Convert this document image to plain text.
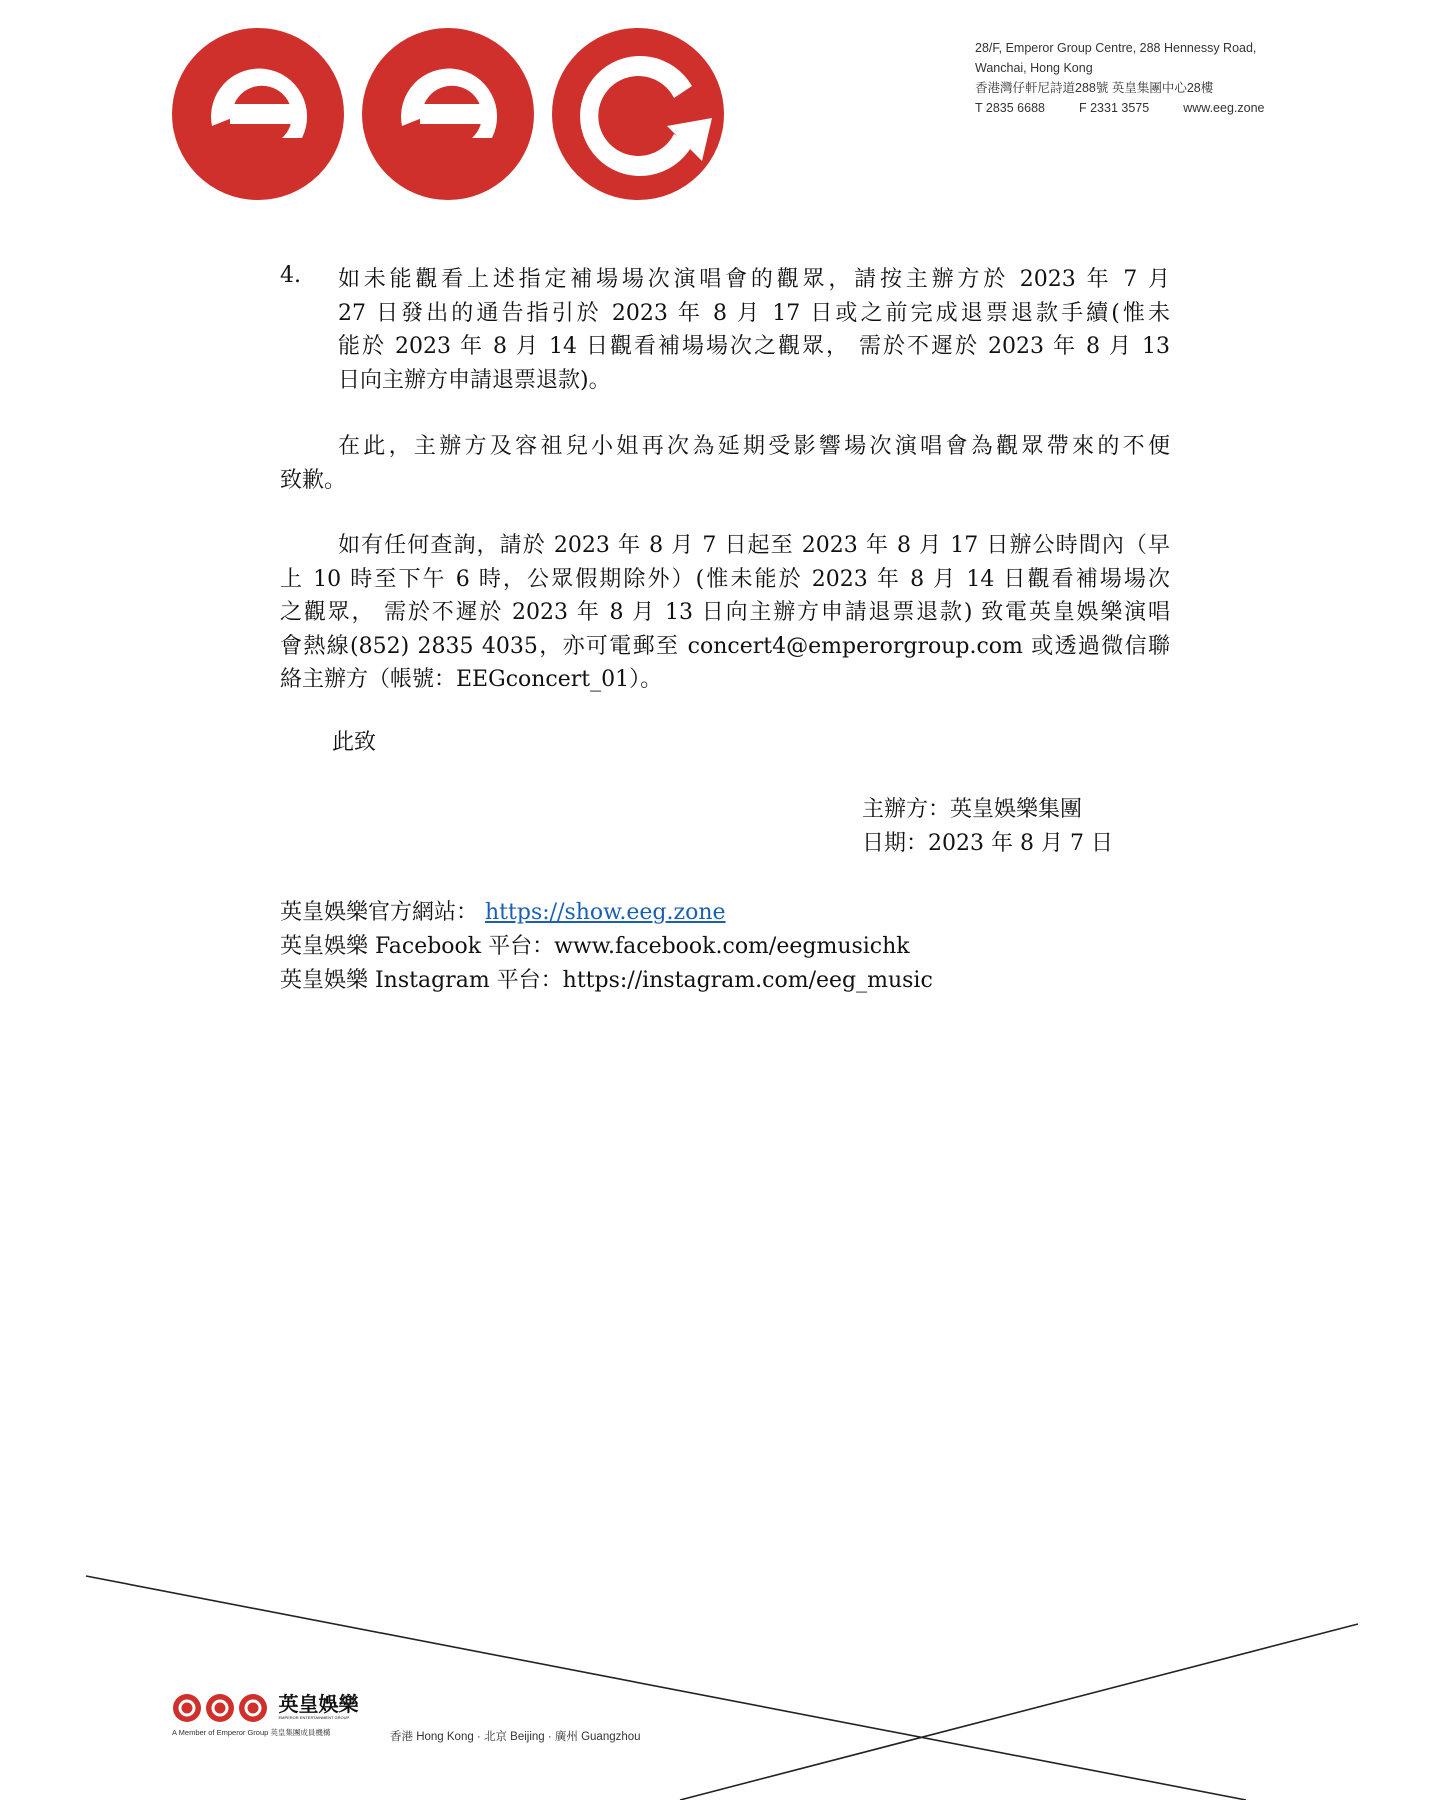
28/F, Emperor Group Centre, 288 Hennessy Road,
Wanchai, Hong Kong
香港灣仔軒尼詩道288號 英皇集團中心28樓
T 2835 6688	F 2331 3575	www.eeg.zone
4. 如未能觀看上述指定補場場次演唱會的觀眾，請按主辦方於 2023 年 7 月
27 日發出的通告指引於 2023 年 8 月 17 日或之前完成退票退款手續(惟未
能於 2023 年 8 月 14 日觀看補場場次之觀眾， 需於不遲於 2023 年 8 月 13
日向主辦方申請退票退款)。
在此，主辦方及容祖兒小姐再次為延期受影響場次演唱會為觀眾帶來的不便
致歉。
如有任何查詢，請於 2023 年 8 月 7 日起至 2023 年 8 月 17 日辦公時間內（早
上 10 時至下午 6 時，公眾假期除外）(惟未能於 2023 年 8 月 14 日觀看補場場次
之觀眾， 需於不遲於 2023 年 8 月 13 日向主辦方申請退票退款) 致電英皇娛樂演唱
會熱線(852) 2835 4035，亦可電郵至 concert4@emperorgroup.com 或透過微信聯
絡主辦方（帳號：EEGconcert_01）。
此致
主辦方：英皇娛樂集團
日期：2023 年 8 月 7 日
英皇娛樂官方網站： https://show.eeg.zone
英皇娛樂 Facebook 平台：www.facebook.com/eegmusichk
英皇娛樂 Instagram 平台：https://instagram.com/eeg_music

英皇娛樂
EMPEROR ENTERTAINMENT GROUP
A Member of Emperor Group 英皇集團成員機構	香港 Hong Kong · 北京 Beijing · 廣州 Guangzhou
